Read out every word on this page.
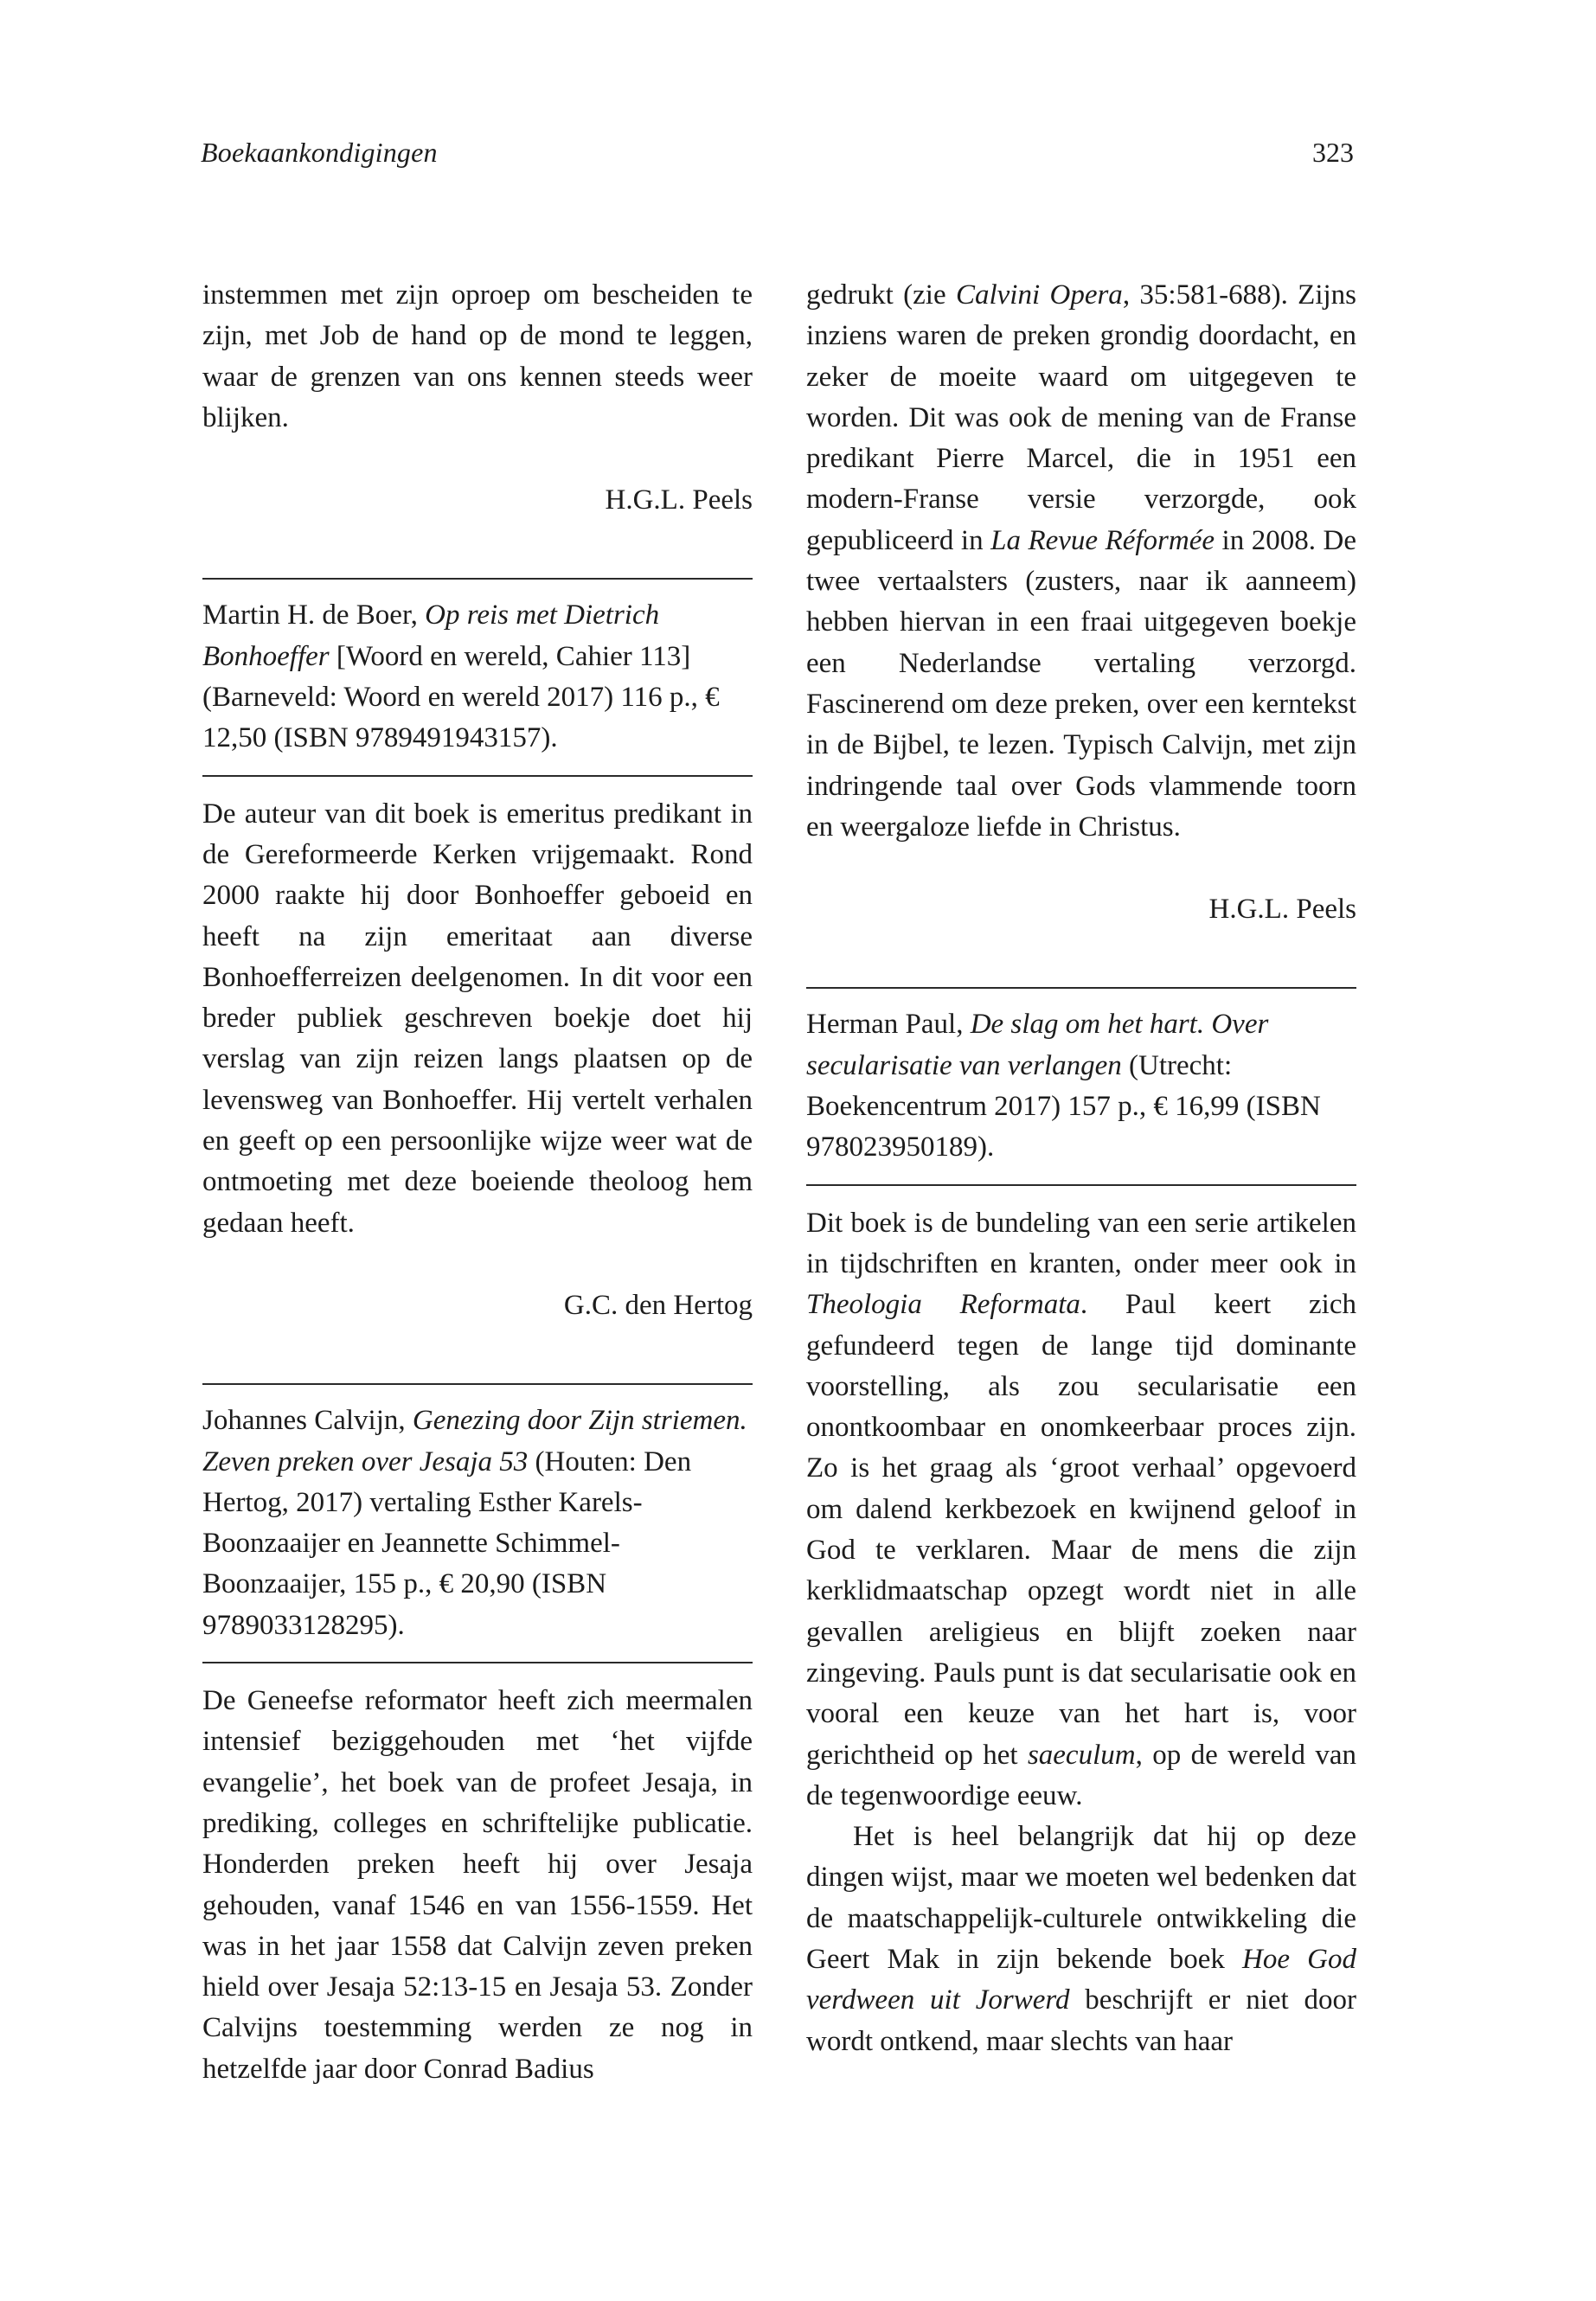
Boekaankondigingen	323

instemmen met zijn oproep om bescheiden te zijn, met Job de hand op de mond te leggen, waar de grenzen van ons kennen steeds weer blijken.

H.G.L. Peels
Martin H. de Boer, Op reis met Dietrich Bonhoeffer [Woord en wereld, Cahier 113] (Barneveld: Woord en wereld 2017) 116 p., € 12,50 (ISBN 9789491943157).

De auteur van dit boek is emeritus predikant in de Gereformeerde Kerken vrijgemaakt. Rond 2000 raakte hij door Bonhoeffer geboeid en heeft na zijn emeritaat aan diverse Bonhoefferreizen deelgenomen. In dit voor een breder publiek geschreven boekje doet hij verslag van zijn reizen langs plaatsen op de levensweg van Bonhoeffer. Hij vertelt verhalen en geeft op een persoonlijke wijze weer wat de ontmoeting met deze boeiende theoloog hem gedaan heeft.

G.C. den Hertog
Johannes Calvijn, Genezing door Zijn striemen. Zeven preken over Jesaja 53 (Houten: Den Hertog, 2017) vertaling Esther Karels-Boonzaaijer en Jeannette Schimmel-Boonzaaijer, 155 p., € 20,90 (ISBN 9789033128295).

De Geneefse reformator heeft zich meermalen intensief beziggehouden met ‘het vijfde evangelie’, het boek van de profeet Jesaja, in prediking, colleges en schriftelijke publicatie. Honderden preken heeft hij over Jesaja gehouden, vanaf 1546 en van 1556-1559. Het was in het jaar 1558 dat Calvijn zeven preken hield over Jesaja 52:13-15 en Jesaja 53. Zonder Calvijns toestemming werden ze nog in hetzelfde jaar door Conrad Badius

gedrukt (zie Calvini Opera, 35:581-688). Zijns inziens waren de preken grondig doordacht, en zeker de moeite waard om uitgegeven te worden. Dit was ook de mening van de Franse predikant Pierre Marcel, die in 1951 een modern-Franse versie verzorgde, ook gepubliceerd in La Revue Réformée in 2008. De twee vertaalsters (zusters, naar ik aanneem) hebben hiervan in een fraai uitgegeven boekje een Nederlandse vertaling verzorgd. Fascinerend om deze preken, over een kerntekst in de Bijbel, te lezen. Typisch Calvijn, met zijn indringende taal over Gods vlammende toorn en weergaloze liefde in Christus.

H.G.L. Peels
Herman Paul, De slag om het hart. Over secularisatie van verlangen (Utrecht: Boekencentrum 2017) 157 p., € 16,99 (ISBN 978023950189).

Dit boek is de bundeling van een serie artikelen in tijdschriften en kranten, onder meer ook in Theologia Reformata. Paul keert zich gefundeerd tegen de lange tijd dominante voorstelling, als zou secularisatie een onontkoombaar en onomkeerbaar proces zijn. Zo is het graag als ‘groot verhaal’ opgevoerd om dalend kerkbezoek en kwijnend geloof in God te verklaren. Maar de mens die zijn kerklidmaatschap opzegt wordt niet in alle gevallen areligieus en blijft zoeken naar zingeving. Pauls punt is dat secularisatie ook en vooral een keuze van het hart is, voor gerichtheid op het saeculum, op de wereld van de tegenwoordige eeuw.

Het is heel belangrijk dat hij op deze dingen wijst, maar we moeten wel bedenken dat de maatschappelijk-culturele ontwikkeling die Geert Mak in zijn bekende boek Hoe God verdween uit Jorwerd beschrijft er niet door wordt ontkend, maar slechts van haar
